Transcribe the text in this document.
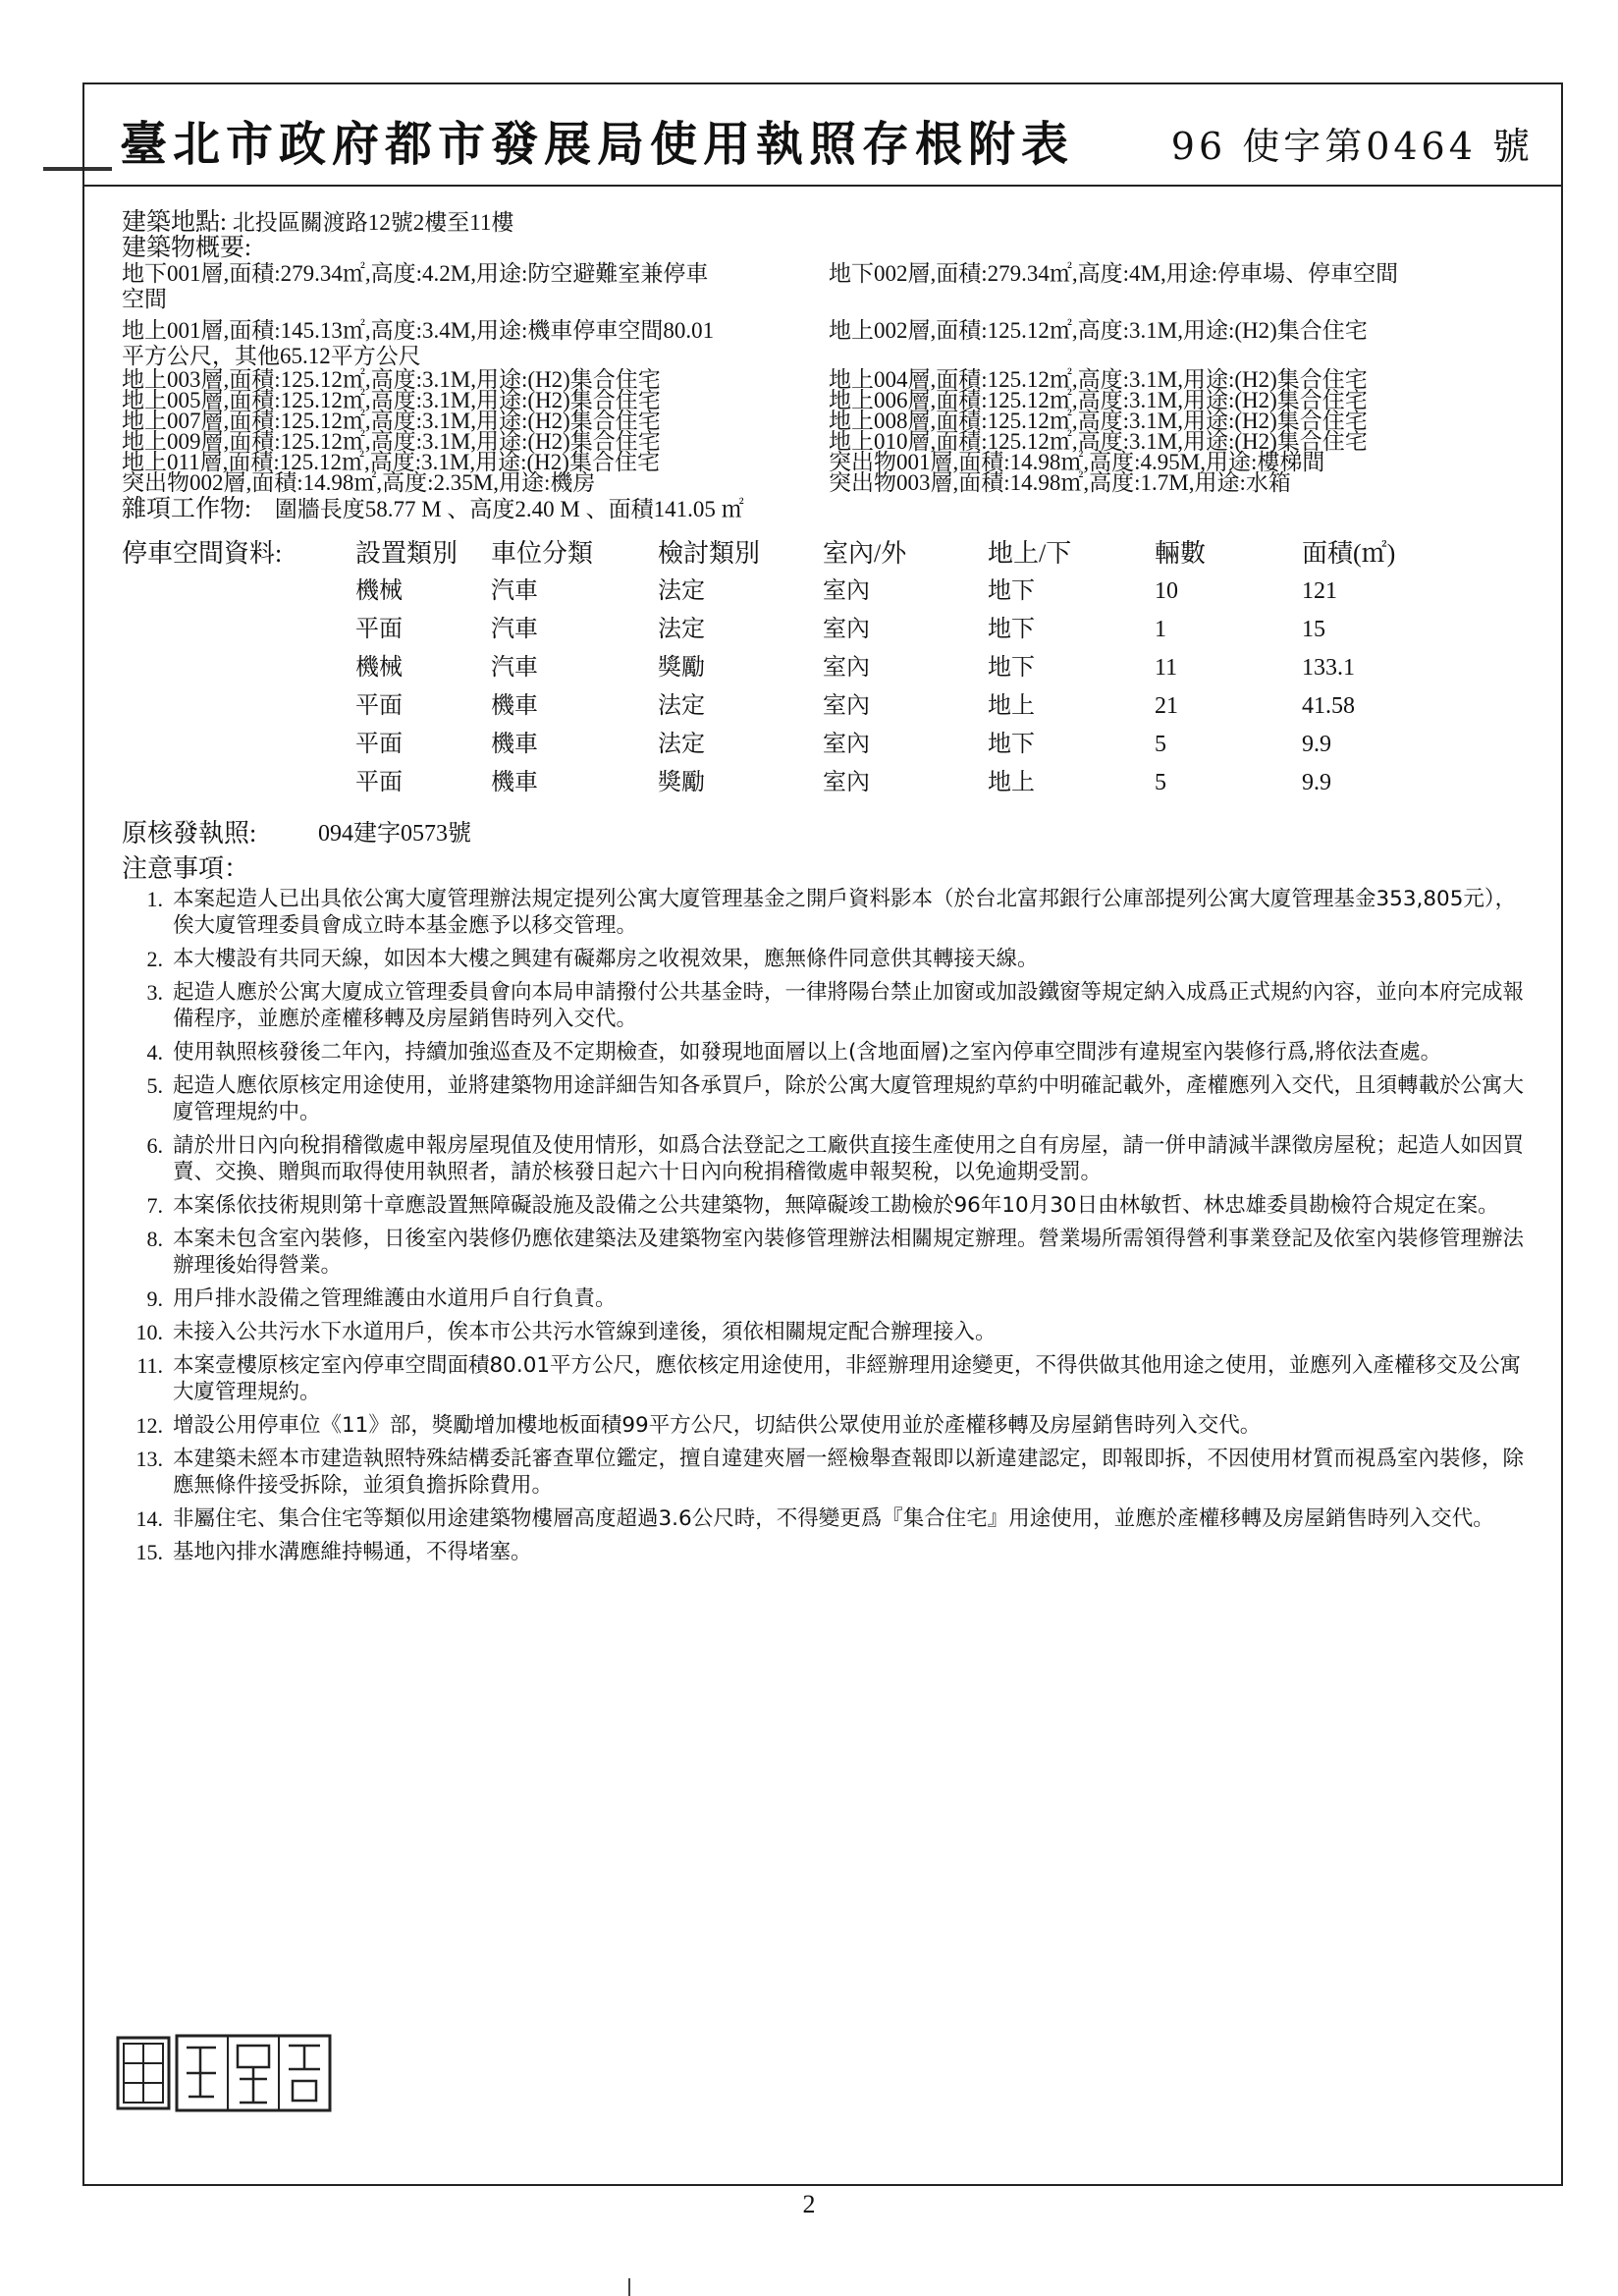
臺北市政府都市發展局使用執照存根附表	96 使字第0464 號

建築地點: 北投區關渡路12號2樓至11樓

建築物概要:

地下001層,面積:279.34㎡,高度:4.2M,用途:防空避難室兼停車	地下002層,面積:279.34㎡,高度:4M,用途:停車場、停車空間
空間
地上001層,面積:145.13㎡,高度:3.4M,用途:機車停車空間80.01	地上002層,面積:125.12㎡,高度:3.1M,用途:(H2)集合住宅
平方公尺，其他65.12平方公尺
地上003層,面積:125.12㎡,高度:3.1M,用途:(H2)集合住宅	地上004層,面積:125.12㎡,高度:3.1M,用途:(H2)集合住宅
地上005層,面積:125.12㎡,高度:3.1M,用途:(H2)集合住宅	地上006層,面積:125.12㎡,高度:3.1M,用途:(H2)集合住宅
地上007層,面積:125.12㎡,高度:3.1M,用途:(H2)集合住宅	地上008層,面積:125.12㎡,高度:3.1M,用途:(H2)集合住宅
地上009層,面積:125.12㎡,高度:3.1M,用途:(H2)集合住宅	地上010層,面積:125.12㎡,高度:3.1M,用途:(H2)集合住宅
地上011層,面積:125.12㎡,高度:3.1M,用途:(H2)集合住宅	突出物001層,面積:14.98㎡,高度:4.95M,用途:樓梯間
突出物002層,面積:14.98㎡,高度:2.35M,用途:機房	突出物003層,面積:14.98㎡,高度:1.7M,用途:水箱

雜項工作物: 圍牆長度58.77 M 、高度2.40 M 、面積141.05 ㎡

停車空間資料:	設置類別	車位分類	檢討類別	室內/外	地上/下	輛數	面積(㎡)
機械	汽車	法定	室內	地下	10	121
平面	汽車	法定	室內	地下	1	15
機械	汽車	獎勵	室內	地下	11	133.1
平面	機車	法定	室內	地上	21	41.58
平面	機車	法定	室內	地下	5	9.9
平面	機車	獎勵	室內	地上	5	9.9
原核發執照:	094建字0573號
注意事項：
1. 本案起造人已出具依公寓大廈管理辦法規定提列公寓大廈管理基金之開戶資料影本（於台北富邦銀行公庫部提列公寓大廈管理基金353,805元），俟大廈管理委員會成立時本基金應予以移交管理。
2. 本大樓設有共同天線，如因本大樓之興建有礙鄰房之收視效果，應無條件同意供其轉接天線。
3. 起造人應於公寓大廈成立管理委員會向本局申請撥付公共基金時，一律將陽台禁止加窗或加設鐵窗等規定納入成爲正式規約內容，並向本府完成報備程序，並應於產權移轉及房屋銷售時列入交代。
4. 使用執照核發後二年內，持續加強巡查及不定期檢查，如發現地面層以上(含地面層)之室內停車空間涉有違規室內裝修行爲,將依法查處。
5. 起造人應依原核定用途使用，並將建築物用途詳細告知各承買戶，除於公寓大廈管理規約草約中明確記載外，產權應列入交代，且須轉載於公寓大廈管理規約中。
6. 請於卅日內向稅捐稽徵處申報房屋現值及使用情形，如爲合法登記之工廠供直接生產使用之自有房屋，請一併申請減半課徵房屋稅；起造人如因買賣、交換、贈與而取得使用執照者，請於核發日起六十日內向稅捐稽徵處申報契稅，以免逾期受罰。
7. 本案係依技術規則第十章應設置無障礙設施及設備之公共建築物，無障礙竣工勘檢於96年10月30日由林敏哲、林忠雄委員勘檢符合規定在案。
8. 本案未包含室內裝修，日後室內裝修仍應依建築法及建築物室內裝修管理辦法相關規定辦理。營業場所需領得營利事業登記及依室內裝修管理辦法辦理後始得營業。
9. 用戶排水設備之管理維護由水道用戶自行負責。
10. 未接入公共污水下水道用戶，俟本市公共污水管線到達後，須依相關規定配合辦理接入。
11. 本案壹樓原核定室內停車空間面積80.01平方公尺，應依核定用途使用，非經辦理用途變更，不得供做其他用途之使用，並應列入產權移交及公寓大廈管理規約。
12. 增設公用停車位《11》部，獎勵增加樓地板面積99平方公尺，切結供公眾使用並於產權移轉及房屋銷售時列入交代。
13. 本建築未經本市建造執照特殊結構委託審查單位鑑定，擅自違建夾層一經檢舉查報即以新違建認定，即報即拆，不因使用材質而視爲室內裝修，除應無條件接受拆除，並須負擔拆除費用。
14. 非屬住宅、集合住宅等類似用途建築物樓層高度超過3.6公尺時，不得變更爲『集合住宅』用途使用，並應於產權移轉及房屋銷售時列入交代。
15. 基地內排水溝應維持暢通，不得堵塞。
2
